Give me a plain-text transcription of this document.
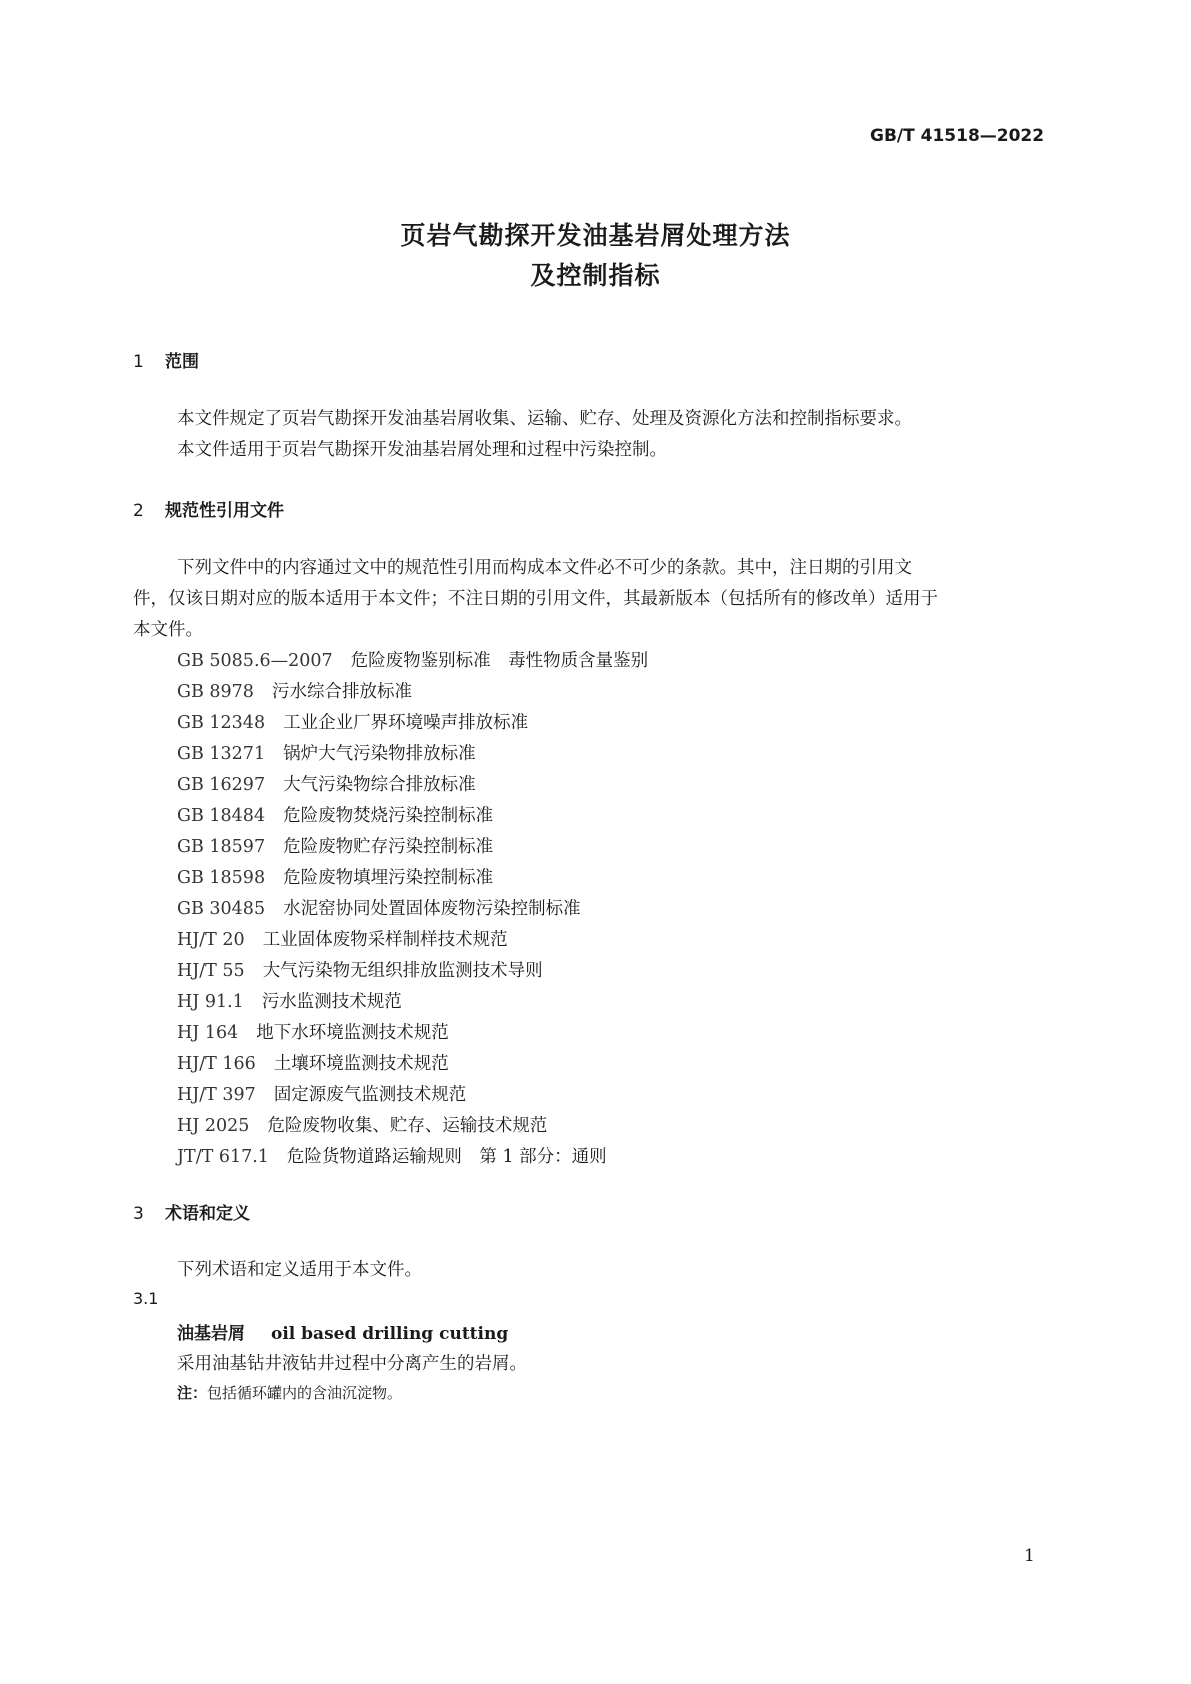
GB/T 41518—2022
页岩气勘探开发油基岩屑处理方法
及控制指标
1 范围
本文件规定了页岩气勘探开发油基岩屑收集、运输、贮存、处理及资源化方法和控制指标要求。
本文件适用于页岩气勘探开发油基岩屑处理和过程中污染控制。
2 规范性引用文件
下列文件中的内容通过文中的规范性引用而构成本文件必不可少的条款。其中，注日期的引用文
件，仅该日期对应的版本适用于本文件；不注日期的引用文件，其最新版本（包括所有的修改单）适用于
本文件。
GB 5085.6—2007 危险废物鉴别标准　毒性物质含量鉴别
GB 8978 污水综合排放标准
GB 12348 工业企业厂界环境噪声排放标准
GB 13271 锅炉大气污染物排放标准
GB 16297 大气污染物综合排放标准
GB 18484 危险废物焚烧污染控制标准
GB 18597 危险废物贮存污染控制标准
GB 18598 危险废物填埋污染控制标准
GB 30485 水泥窑协同处置固体废物污染控制标准
HJ/T 20 工业固体废物采样制样技术规范
HJ/T 55 大气污染物无组织排放监测技术导则
HJ 91.1 污水监测技术规范
HJ 164 地下水环境监测技术规范
HJ/T 166 土壤环境监测技术规范
HJ/T 397 固定源废气监测技术规范
HJ 2025 危险废物收集、贮存、运输技术规范
JT/T 617.1 危险货物道路运输规则　第 1 部分：通则
3 术语和定义
下列术语和定义适用于本文件。
3.1
油基岩屑 oil based drilling cutting
采用油基钻井液钻井过程中分离产生的岩屑。
注：包括循环罐内的含油沉淀物。
1
